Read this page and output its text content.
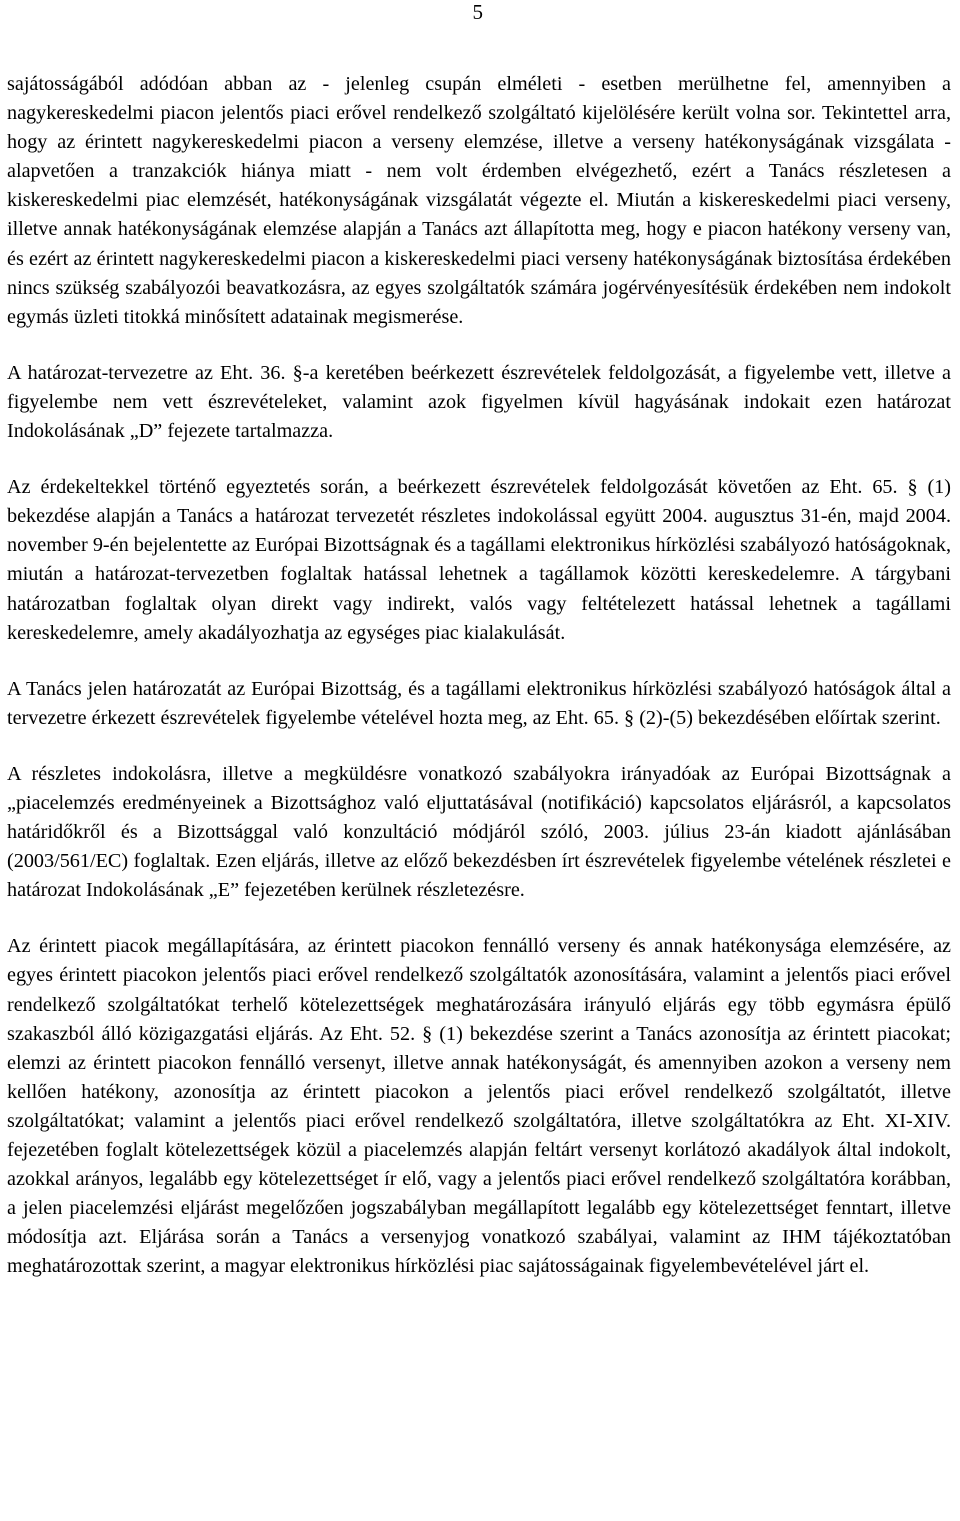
5

sajátosságából adódóan abban az - jelenleg csupán elméleti - esetben merülhetne fel, amennyiben a nagykereskedelmi piacon jelentős piaci erővel rendelkező szolgáltató kijelölésére került volna sor. Tekintettel arra, hogy az érintett nagykereskedelmi piacon a verseny elemzése, illetve a verseny hatékonyságának vizsgálata - alapvetően a tranzakciók hiánya miatt - nem volt érdemben elvégezhető, ezért a Tanács részletesen a kiskereskedelmi piac elemzését, hatékonyságának vizsgálatát végezte el. Miután a kiskereskedelmi piaci verseny, illetve annak hatékonyságának elemzése alapján a Tanács azt állapította meg, hogy e piacon hatékony verseny van, és ezért az érintett nagykereskedelmi piacon a kiskereskedelmi piaci verseny hatékonyságának biztosítása érdekében nincs szükség szabályozói beavatkozásra, az egyes szolgáltatók számára jogérvényesítésük érdekében nem indokolt egymás üzleti titokká minősített adatainak megismerése.

A határozat-tervezetre az Eht. 36. §-a keretében beérkezett észrevételek feldolgozását, a figyelembe vett, illetve a figyelembe nem vett észrevételeket, valamint azok figyelmen kívül hagyásának indokait ezen határozat Indokolásának „D” fejezete tartalmazza.

Az érdekeltekkel történő egyeztetés során, a beérkezett észrevételek feldolgozását követően az Eht. 65. § (1) bekezdése alapján a Tanács a határozat tervezetét részletes indokolással együtt 2004. augusztus 31-én, majd 2004. november 9-én bejelentette az Európai Bizottságnak és a tagállami elektronikus hírközlési szabályozó hatóságoknak, miután a határozat-tervezetben foglaltak hatással lehetnek a tagállamok közötti kereskedelemre. A tárgybani határozatban foglaltak olyan direkt vagy indirekt, valós vagy feltételezett hatással lehetnek a tagállami kereskedelemre, amely akadályozhatja az egységes piac kialakulását.

A Tanács jelen határozatát az Európai Bizottság, és a tagállami elektronikus hírközlési szabályozó hatóságok által a tervezetre érkezett észrevételek figyelembe vételével hozta meg, az Eht. 65. § (2)-(5) bekezdésében előírtak szerint.

A részletes indokolásra, illetve a megküldésre vonatkozó szabályokra irányadóak az Európai Bizottságnak a „piacelemzés eredményeinek a Bizottsághoz való eljuttatásával (notifikáció) kapcsolatos eljárásról, a kapcsolatos határidőkről és a Bizottsággal való konzultáció módjáról szóló, 2003. július 23-án kiadott ajánlásában (2003/561/EC) foglaltak. Ezen eljárás, illetve az előző bekezdésben írt észrevételek figyelembe vételének részletei e határozat Indokolásának „E” fejezetében kerülnek részletezésre.

Az érintett piacok megállapítására, az érintett piacokon fennálló verseny és annak hatékonysága elemzésére, az egyes érintett piacokon jelentős piaci erővel rendelkező szolgáltatók azonosítására, valamint a jelentős piaci erővel rendelkező szolgáltatókat terhelő kötelezettségek meghatározására irányuló eljárás egy több egymásra épülő szakaszból álló közigazgatási eljárás. Az Eht. 52. § (1) bekezdése szerint a Tanács azonosítja az érintett piacokat; elemzi az érintett piacokon fennálló versenyt, illetve annak hatékonyságát, és amennyiben azokon a verseny nem kellően hatékony, azonosítja az érintett piacokon a jelentős piaci erővel rendelkező szolgáltatót, illetve szolgáltatókat; valamint a jelentős piaci erővel rendelkező szolgáltatóra, illetve szolgáltatókra az Eht. XI-XIV. fejezetében foglalt kötelezettségek közül a piacelemzés alapján feltárt versenyt korlátozó akadályok által indokolt, azokkal arányos, legalább egy kötelezettséget ír elő, vagy a jelentős piaci erővel rendelkező szolgáltatóra korábban, a jelen piacelemzési eljárást megelőzően jogszabályban megállapított legalább egy kötelezettséget fenntart, illetve módosítja azt. Eljárása során a Tanács a versenyjog vonatkozó szabályai, valamint az IHM tájékoztatóban meghatározottak szerint, a magyar elektronikus hírközlési piac sajátosságainak figyelembevételével járt el.
